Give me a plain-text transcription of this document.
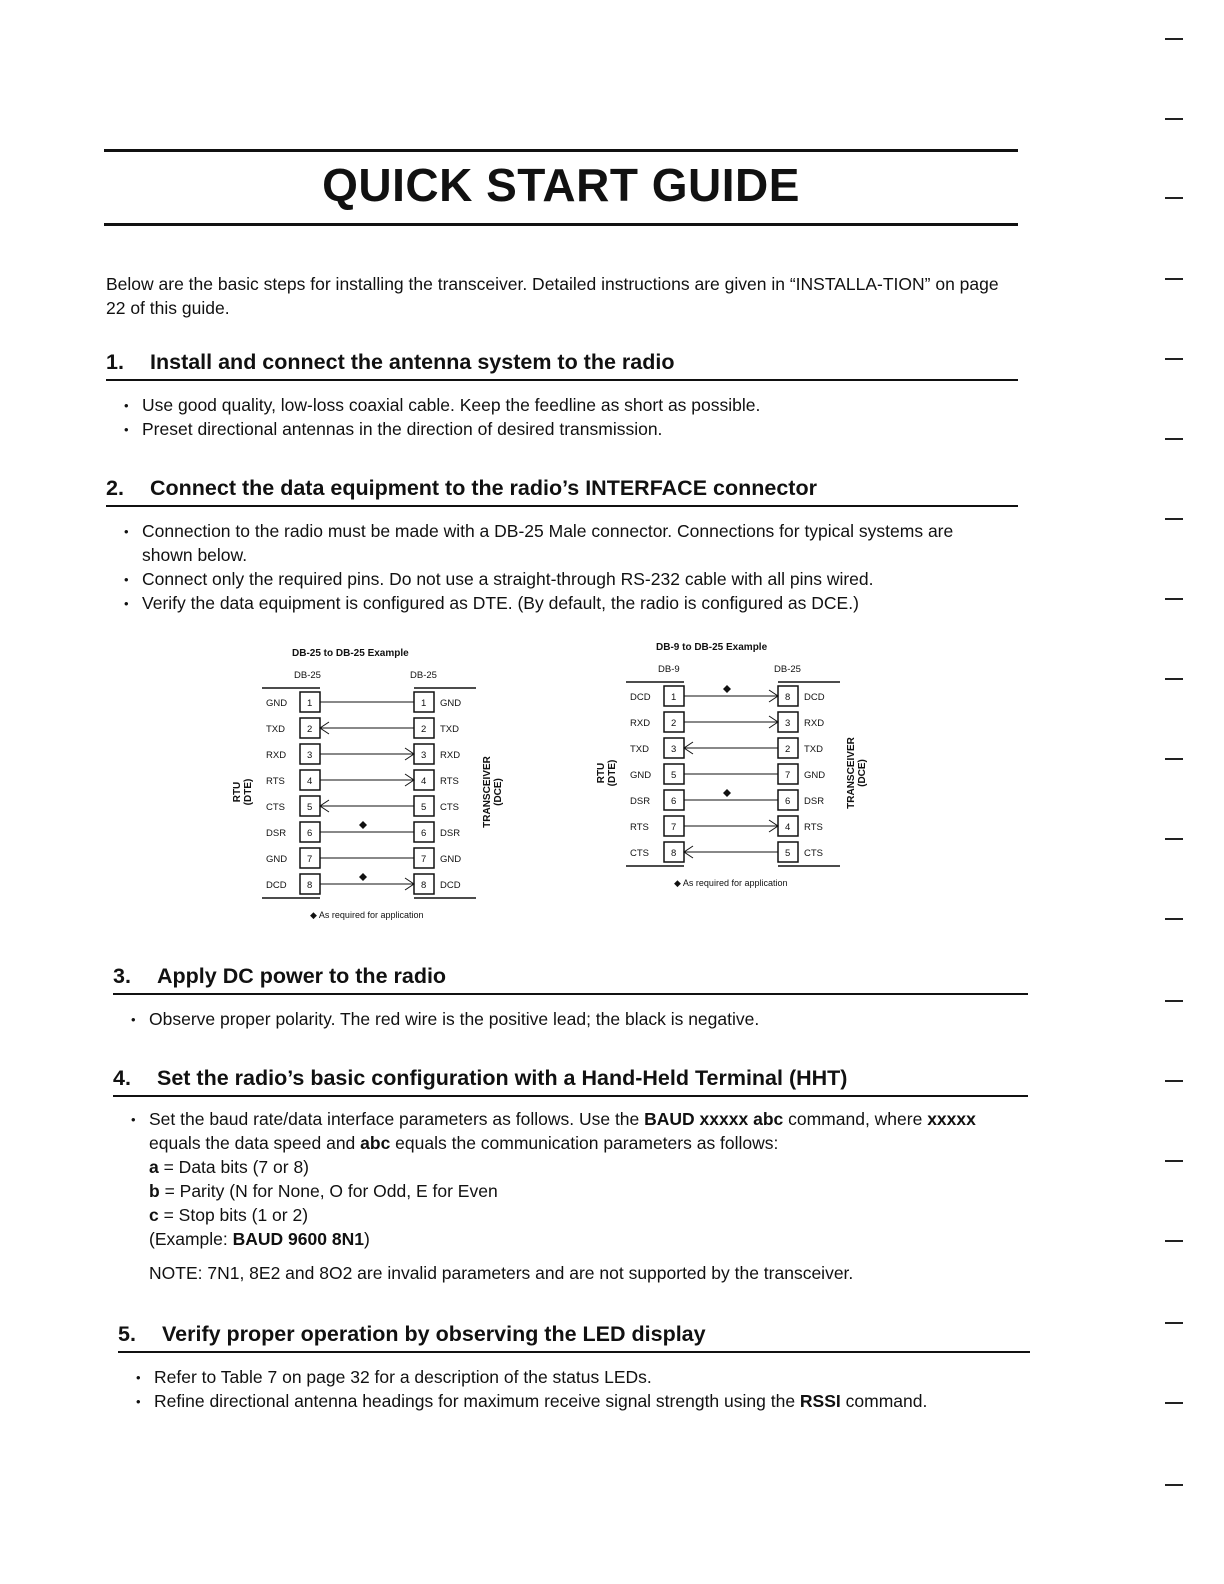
QUICK START GUIDE
Below are the basic steps for installing the transceiver. Detailed instructions are given in “INSTALLA-TION” on page 22 of this guide.
1. Install and connect the antenna system to the radio
• Use good quality, low-loss coaxial cable. Keep the feedline as short as possible.
• Preset directional antennas in the direction of desired transmission.
2. Connect the data equipment to the radio’s INTERFACE connector
• Connection to the radio must be made with a DB-25 Male connector. Connections for typical systems are shown below.
• Connect only the required pins. Do not use a straight-through RS-232 cable with all pins wired.
• Verify the data equipment is configured as DTE. (By default, the radio is configured as DCE.)
DB-25 to DB-25 Example
DB-25	DB-25
GND 1	1 GND
TXD 2	2 TXD
RXD 3	3 RXD
RTS 4	4 RTS
CTS 5	5 CTS
DSR 6	6 DSR
GND 7	7 GND
DCD 8	8 DCD
RTU (DTE)	TRANSCEIVER (DCE)
◆ As required for application
DB-9 to DB-25 Example
DB-9	DB-25
DCD 1	8 DCD
RXD 2	3 RXD
TXD 3	2 TXD
GND 5	7 GND
DSR 6	6 DSR
RTS 7	4 RTS
CTS 8	5 CTS
RTU (DTE)	TRANSCEIVER (DCE)
◆ As required for application
3. Apply DC power to the radio
• Observe proper polarity. The red wire is the positive lead; the black is negative.
4. Set the radio’s basic configuration with a Hand-Held Terminal (HHT)
• Set the baud rate/data interface parameters as follows. Use the BAUD xxxxx abc command, where xxxxx equals the data speed and abc equals the communication parameters as follows:
a = Data bits (7 or 8)
b = Parity (N for None, O for Odd, E for Even
c = Stop bits (1 or 2)
(Example: BAUD 9600 8N1)
NOTE: 7N1, 8E2 and 8O2 are invalid parameters and are not supported by the transceiver.
5. Verify proper operation by observing the LED display
• Refer to Table 7 on page 32 for a description of the status LEDs.
• Refine directional antenna headings for maximum receive signal strength using the RSSI command.
